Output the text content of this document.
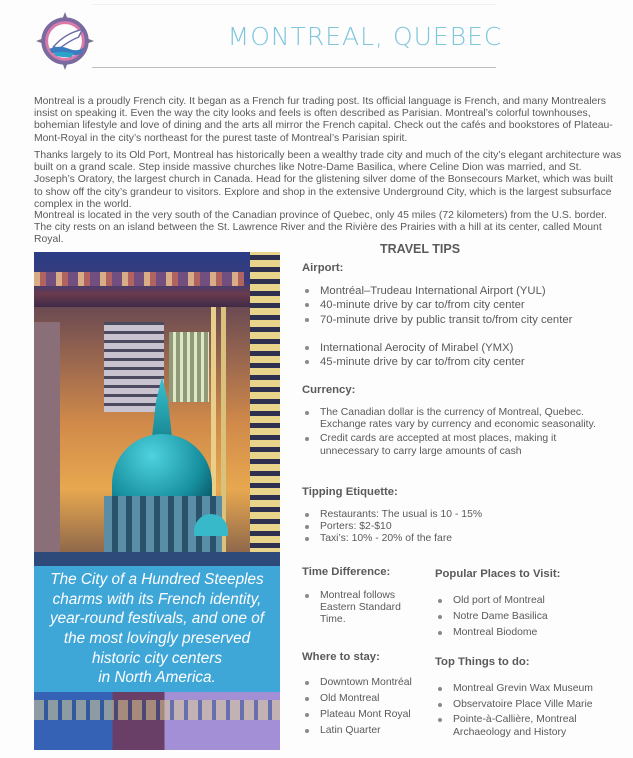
MONTREAL, QUEBEC

Montreal is a proudly French city. It began as a French fur trading post. Its official language is French, and many Montrealers insist on speaking it. Even the way the city looks and feels is often described as Parisian. Montreal’s colorful townhouses, bohemian lifestyle and love of dining and the arts all mirror the French capital. Check out the cafés and bookstores of Plateau-Mont-Royal in the city’s northeast for the purest taste of Montreal’s Parisian spirit.

Thanks largely to its Old Port, Montreal has historically been a wealthy trade city and much of the city’s elegant architecture was built on a grand scale. Step inside massive churches like Notre-Dame Basilica, where Celine Dion was married, and St. Joseph’s Oratory, the largest church in Canada. Head for the glistening silver dome of the Bonsecours Market, which was built to show off the city’s grandeur to visitors. Explore and shop in the extensive Underground City, which is the largest subsurface complex in the world.

Montreal is located in the very south of the Canadian province of Quebec, only 45 miles (72 kilometers) from the U.S. border. The city rests on an island between the St. Lawrence River and the Rivière des Prairies with a hill at its center, called Mount Royal.

The City of a Hundred Steeples
charms with its French identity,
year-round festivals, and one of
the most lovingly preserved
historic city centers
in North America.

TRAVEL TIPS
Airport:
Montréal–Trudeau International Airport (YUL)
40-minute drive by car to/from city center
70-minute drive by public transit to/from city center
International Aerocity of Mirabel (YMX)
45-minute drive by car to/from city center
Currency:
The Canadian dollar is the currency of Montreal, Quebec. Exchange rates vary by currency and economic seasonality.
Credit cards are accepted at most places, making it unnecessary to carry large amounts of cash
Tipping Etiquette:
Restaurants: The usual is 10 - 15%
Porters: $2-$10
Taxi’s: 10% - 20% of the fare
Time Difference:
Montreal follows Eastern Standard Time.
Popular Places to Visit:
Old port of Montreal
Notre Dame Basilica
Montreal Biodome
Where to stay:
Downtown Montréal
Old Montreal
Plateau Mont Royal
Latin Quarter
Top Things to do:
Montreal Grevin Wax Museum
Observatoire Place Ville Marie
Pointe-à-Callière, Montreal Archaeology and History
